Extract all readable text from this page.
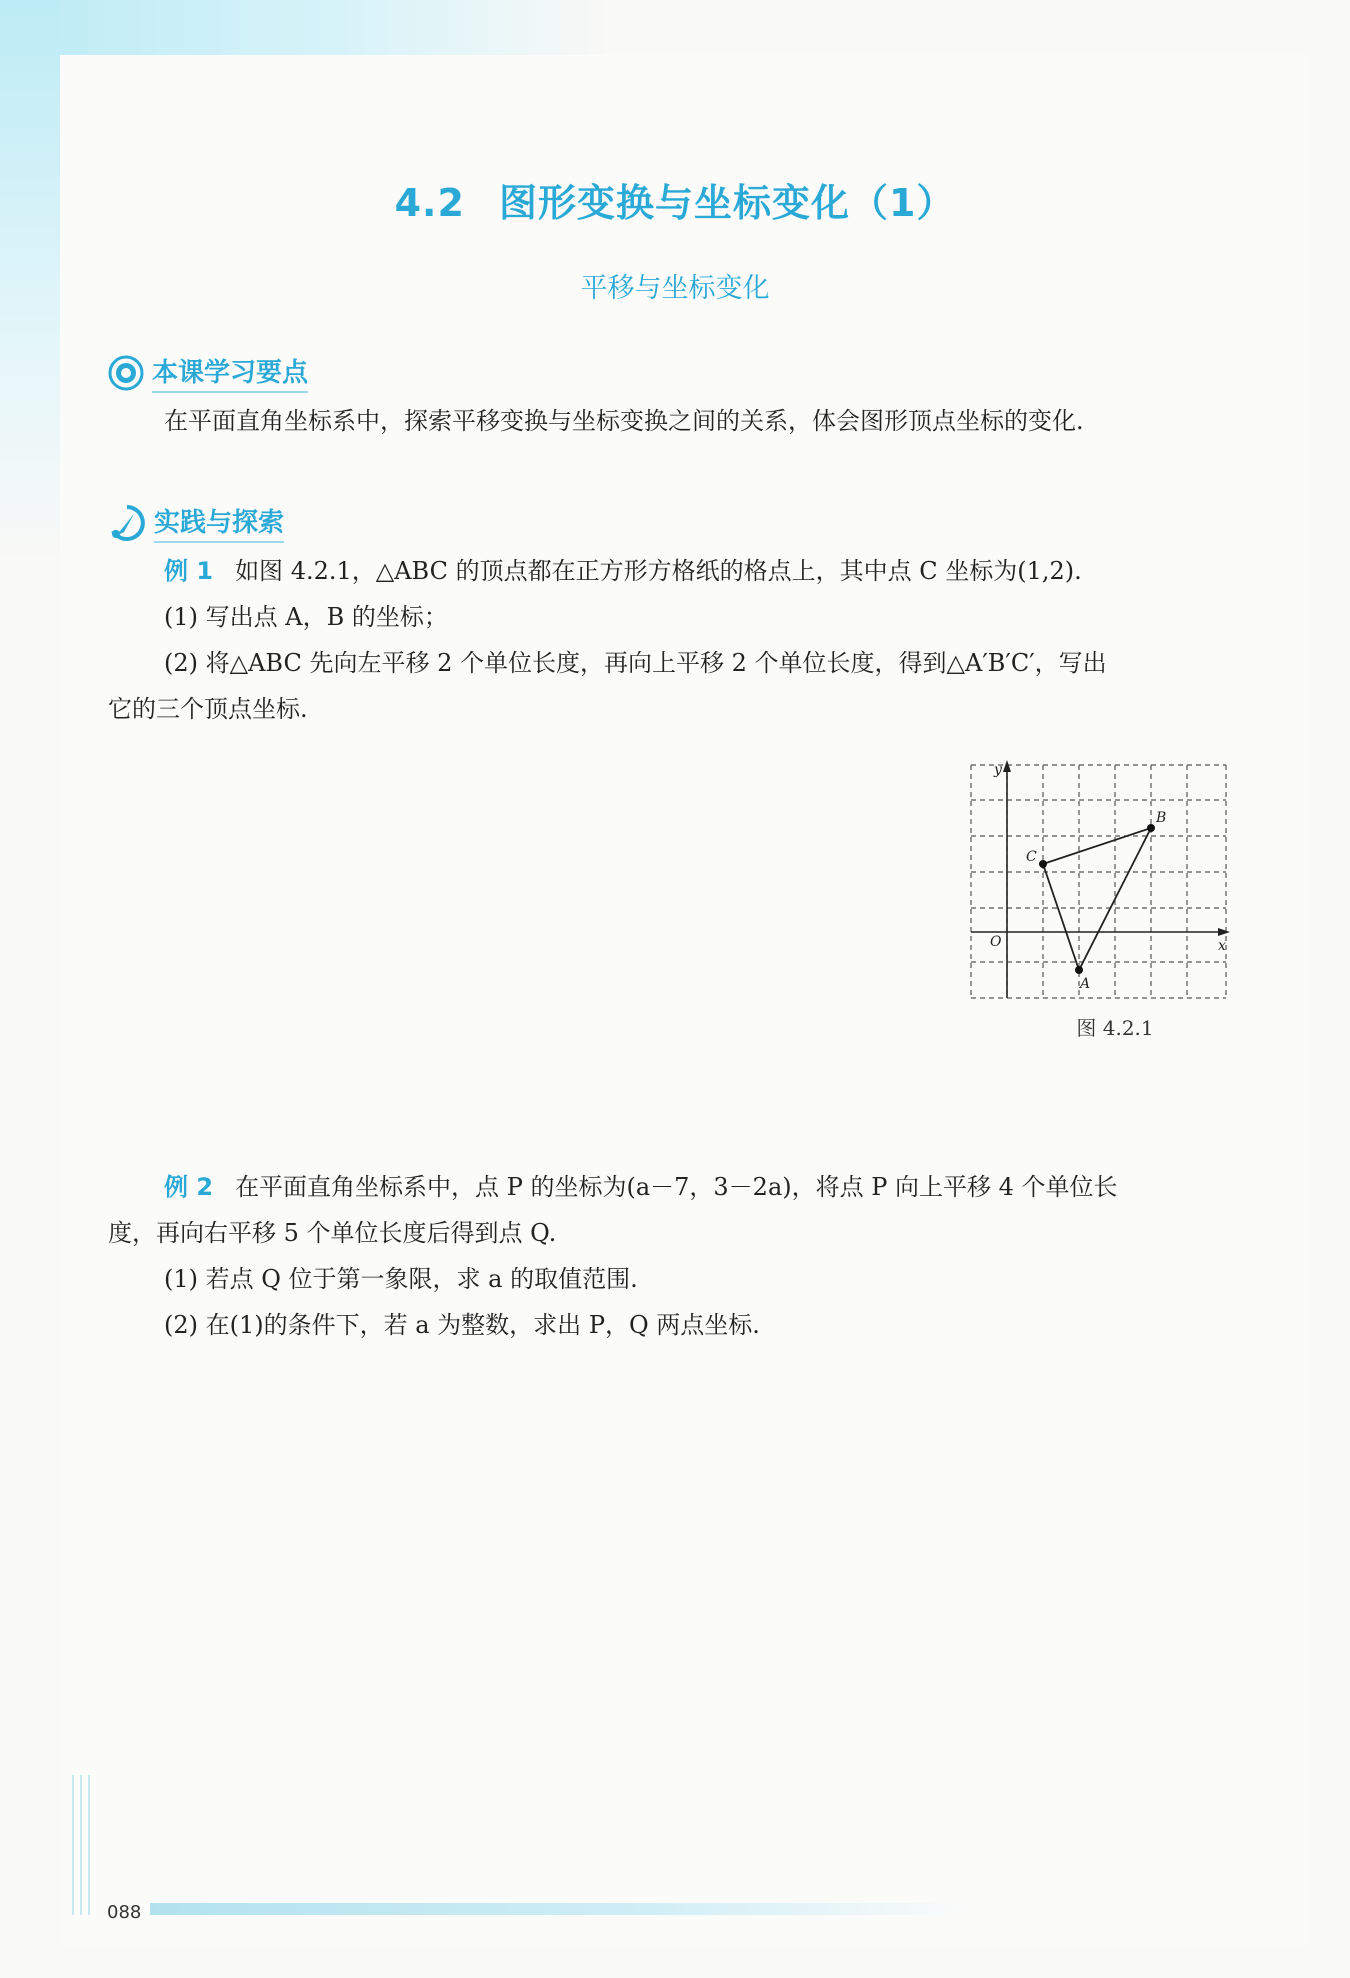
4.2 图形变换与坐标变化（1）
平移与坐标变化
本课学习要点
在平面直角坐标系中，探索平移变换与坐标变换之间的关系，体会图形顶点坐标的变化.
实践与探索
例 1 如图 4.2.1，△ABC 的顶点都在正方形方格纸的格点上，其中点 C 坐标为(1,2).
(1) 写出点 A，B 的坐标；
(2) 将△ABC 先向左平移 2 个单位长度，再向上平移 2 个单位长度，得到△A′B′C′，写出
它的三个顶点坐标.
y
x
O
C
B
A
图 4.2.1
例 2 在平面直角坐标系中，点 P 的坐标为(a－7，3－2a)，将点 P 向上平移 4 个单位长
度，再向右平移 5 个单位长度后得到点 Q.
(1) 若点 Q 位于第一象限，求 a 的取值范围.
(2) 在(1)的条件下，若 a 为整数，求出 P，Q 两点坐标.
088
